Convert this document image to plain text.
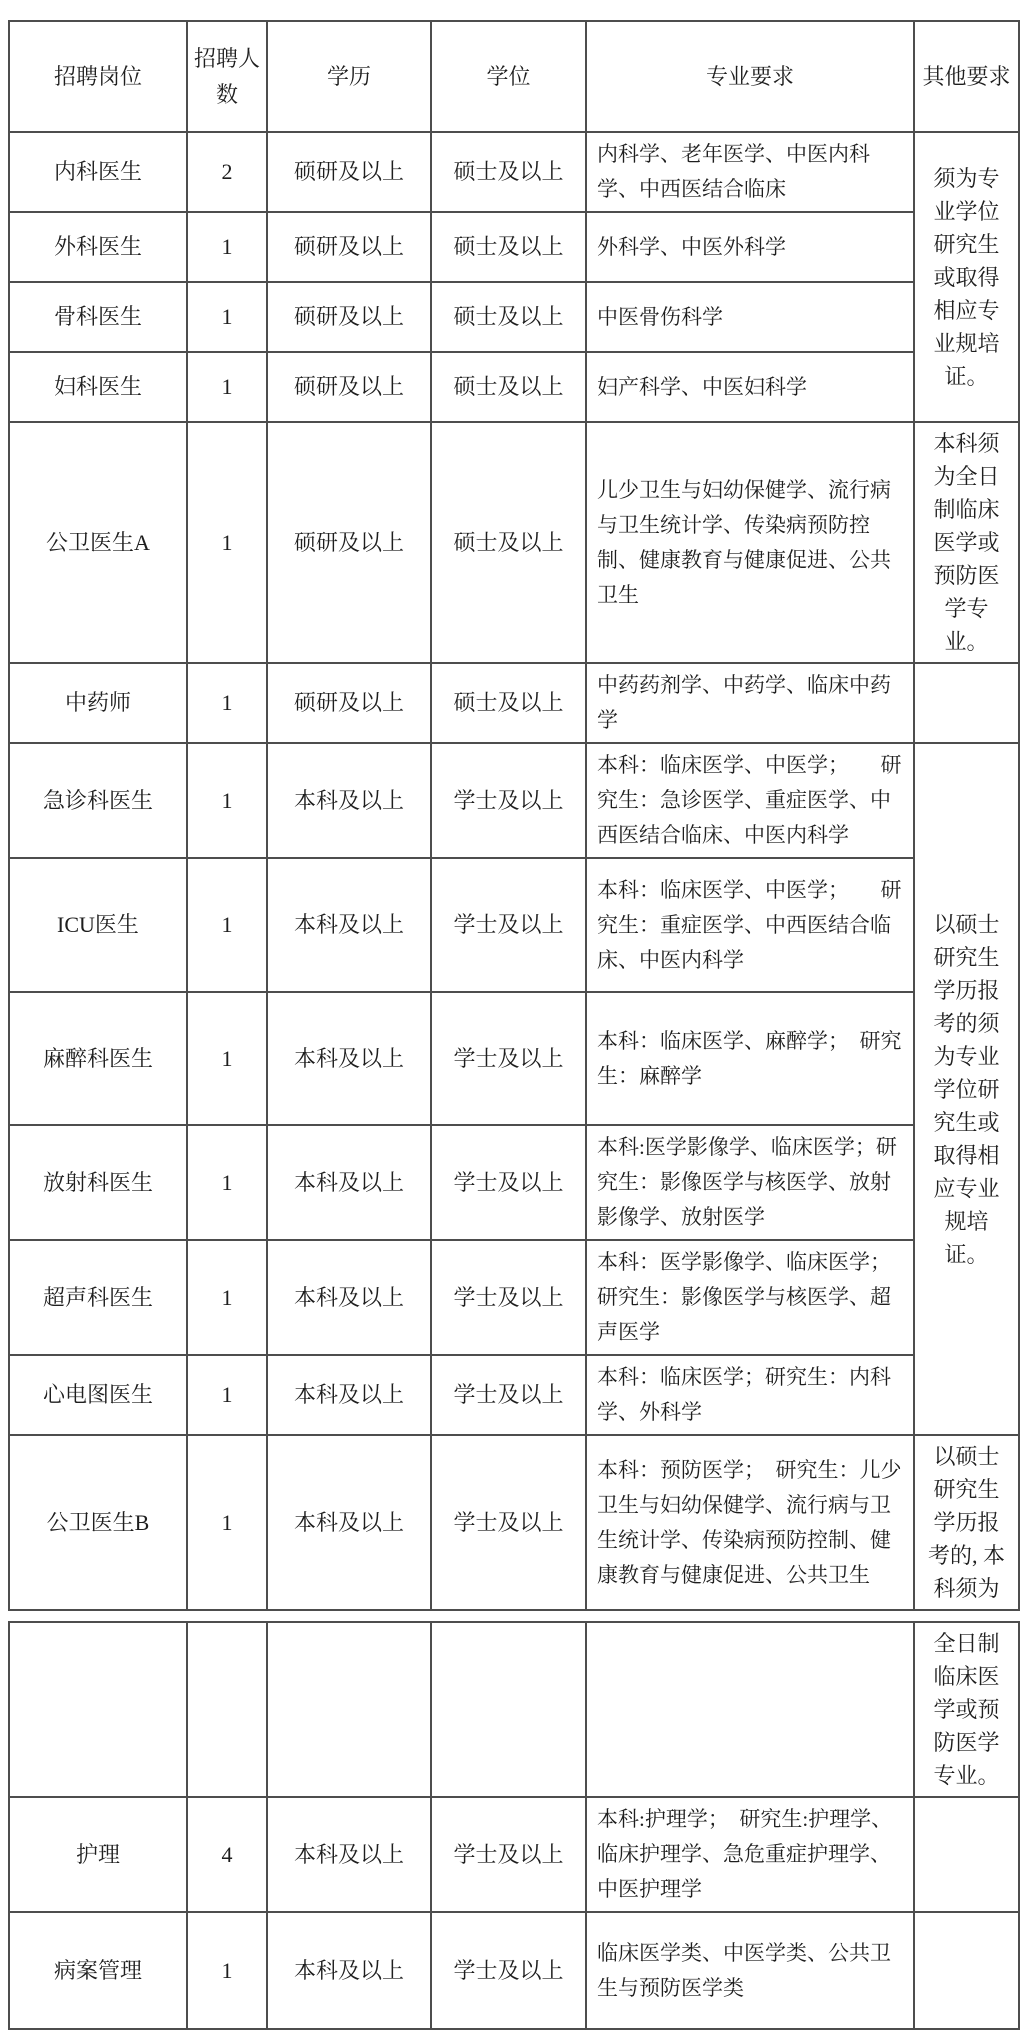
招聘岗位	招聘人数	学历	学位	专业要求	其他要求
内科医生	2	硕研及以上	硕士及以上	内科学、老年医学、中医内科学、中西医结合临床	须为专业学位研究生或取得相应专业规培证。
外科医生	1	硕研及以上	硕士及以上	外科学、中医外科学	
骨科医生	1	硕研及以上	硕士及以上	中医骨伤科学	
妇科医生	1	硕研及以上	硕士及以上	妇产科学、中医妇科学	
公卫医生A	1	硕研及以上	硕士及以上	儿少卫生与妇幼保健学、流行病与卫生统计学、传染病预防控制、健康教育与健康促进、公共卫生	本科须为全日制临床医学或预防医学专业。
中药师	1	硕研及以上	硕士及以上	中药药剂学、中药学、临床中药学	
急诊科医生	1	本科及以上	学士及以上	本科：临床医学、中医学；　　研究生：急诊医学、重症医学、中西医结合临床、中医内科学	以硕士研究生学历报考的须为专业学位研究生或取得相应专业规培证。
ICU医生	1	本科及以上	学士及以上	本科：临床医学、中医学；　　研究生：重症医学、中西医结合临床、中医内科学	
麻醉科医生	1	本科及以上	学士及以上	本科：临床医学、麻醉学；　研究生：麻醉学	
放射科医生	1	本科及以上	学士及以上	本科:医学影像学、临床医学；研究生：影像医学与核医学、放射影像学、放射医学	
超声科医生	1	本科及以上	学士及以上	本科：医学影像学、临床医学；研究生：影像医学与核医学、超声医学	
心电图医生	1	本科及以上	学士及以上	本科：临床医学；研究生：内科学、外科学	
公卫医生B	1	本科及以上	学士及以上	本科：预防医学；　研究生：儿少卫生与妇幼保健学、流行病与卫生统计学、传染病预防控制、健康教育与健康促进、公共卫生	以硕士研究生学历报考的, 本科须为
					全日制临床医学或预防医学专业。
护理	4	本科及以上	学士及以上	本科:护理学；　研究生:护理学、临床护理学、急危重症护理学、中医护理学	
病案管理	1	本科及以上	学士及以上	临床医学类、中医学类、公共卫生与预防医学类	
